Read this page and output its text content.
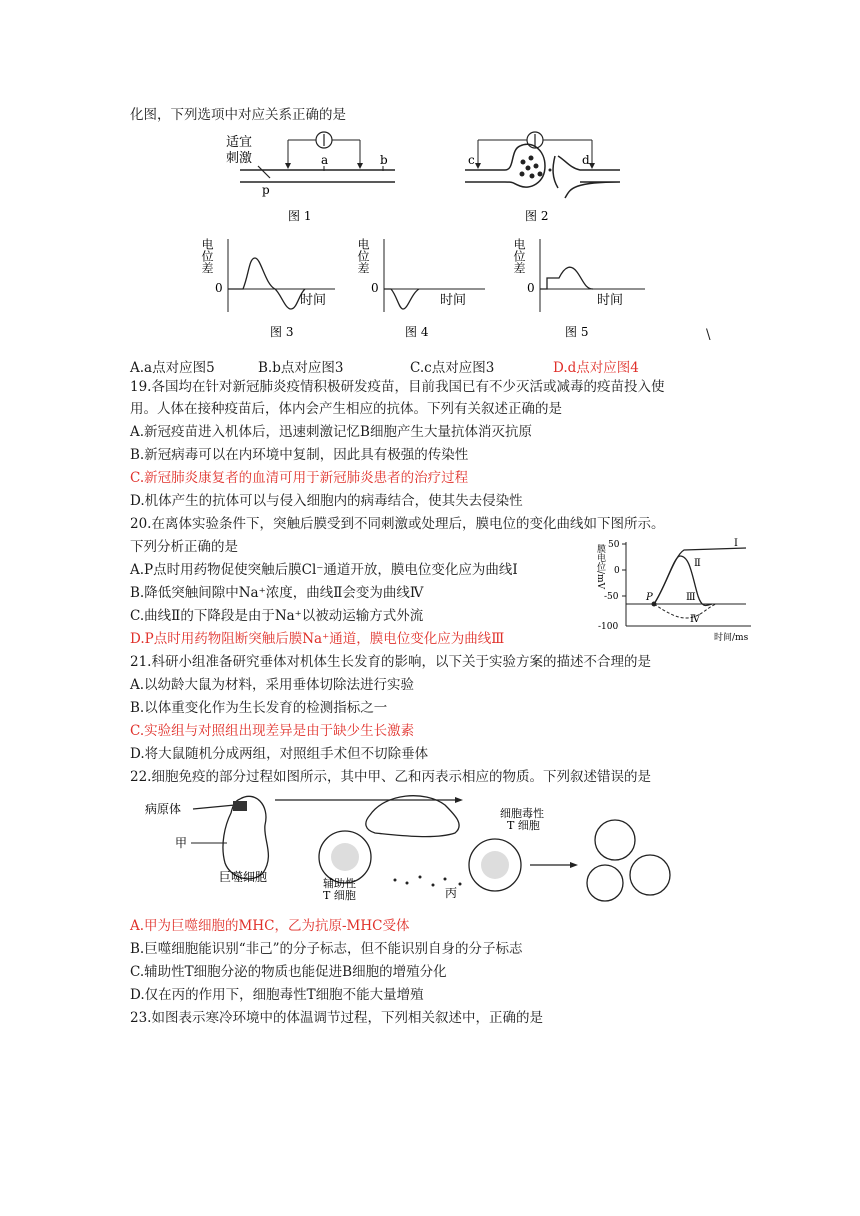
化图，下列选项中对应关系正确的是
适宜
刺激	a	b
p
图 1
c	d
图 2
电位差
0
时间
图 3
电位差
0
时间
图 4
电位差
0
时间
图 5	\
A.a点对应图5	B.b点对应图3	C.c点对应图3	D.d点对应图4
19.各国均在针对新冠肺炎疫情积极研发疫苗，目前我国已有不少灭活或减毒的疫苗投入使
用。人体在接种疫苗后，体内会产生相应的抗体。下列有关叙述正确的是
A.新冠疫苗进入机体后，迅速刺激记忆B细胞产生大量抗体消灭抗原
B.新冠病毒可以在内环境中复制，因此具有极强的传染性
C.新冠肺炎康复者的血清可用于新冠肺炎患者的治疗过程
D.机体产生的抗体可以与侵入细胞内的病毒结合，使其失去侵染性
20.在离体实验条件下，突触后膜受到不同刺激或处理后，膜电位的变化曲线如下图所示。
下列分析正确的是
A.P点时用药物促使突触后膜Cl⁻通道开放，膜电位变化应为曲线Ⅰ
B.降低突触间隙中Na⁺浓度，曲线Ⅱ会变为曲线Ⅳ
C.曲线Ⅱ的下降段是由于Na⁺以被动运输方式外流
D.P点时用药物阻断突触后膜Na⁺通道，膜电位变化应为曲线Ⅲ
膜电位/mV 50
0
-50
-100
P
Ⅰ
Ⅱ
Ⅲ
Ⅳ
时间/ms
21.科研小组准备研究垂体对机体生长发育的影响，以下关于实验方案的描述不合理的是
A.以幼龄大鼠为材料，采用垂体切除法进行实验
B.以体重变化作为生长发育的检测指标之一
C.实验组与对照组出现差异是由于缺少生长激素
D.将大鼠随机分成两组，对照组手术但不切除垂体
22.细胞免疫的部分过程如图所示，其中甲、乙和丙表示相应的物质。下列叙述错误的是
病原体
甲
巨噬细胞	辅助性
T 细胞
细胞毒性
T 细胞
丙
A.甲为巨噬细胞的MHC，乙为抗原-MHC受体
B.巨噬细胞能识别“非己”的分子标志，但不能识别自身的分子标志
C.辅助性T细胞分泌的物质也能促进B细胞的增殖分化
D.仅在丙的作用下，细胞毒性T细胞不能大量增殖
23.如图表示寒冷环境中的体温调节过程，下列相关叙述中，正确的是
